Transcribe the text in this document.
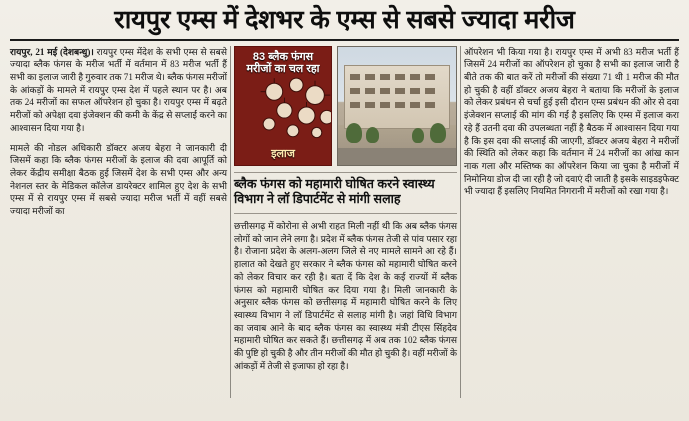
रायपुर एम्स में देशभर के एम्स से सबसे ज्यादा मरीज
रायपुर, 21 मई (देशबन्धु)। रायपुर एम्स मेंदेश के सभी एम्स से सबसे ज्यादा ब्लैक फंगस के मरीज भर्ती में वर्तमान में 83 मरीज भर्ती हैं सभी का इलाज जारी है गुरुवार तक 71 मरीज थे। ब्लैक फंगस मरीजों के आंकड़ों के मामले में रायपुर एम्स देश में पहले स्थान पर है। अब तक 24 मरीजों का सफल ऑपरेशन हो चुका है। रायपुर एम्स में बढ़ते मरीजों को अपेक्षा दवा इंजेक्शन की कमी के केंद्र से सप्लाई करने का आश्वासन दिया गया है।
मामले की नोडल अधिकारी डॉक्टर अजय बेहरा ने जानकारी दी जिसमें कहा कि ब्लैक फंगस मरीजों के इलाज की दवा आपूर्ति को लेकर केंद्रीय समीक्षा बैठक हुई जिसमें देश के सभी एम्स और अन्य नेशनल स्तर के मेडिकल कॉलेज डायरेक्टर शामिल हुए देश के सभी एम्स में से रायपुर एम्स में सबसे ज्यादा मरीज भर्ती में वहीं सबसे ज्यादा मरीजों का
83 ब्लैक फंगस मरीजों का चल रहा
इलाज
ब्लैक फंगस को महामारी घोषित करने स्वास्थ्य विभाग ने लॉ डिपार्टमेंट से मांगी सलाह
छत्तीसगढ़ में कोरोना से अभी राहत मिली नहीं थी कि अब ब्लैक फंगस लोगों को जान लेने लगा है। प्रदेश में ब्लैक फंगस तेजी से पांव पसार रहा है। रोजाना प्रदेश के अलग-अलग जिले से नए मामले सामने आ रहे हैं। हालात को देखते हुए सरकार ने ब्लैक फंगस को महामारी घोषित करने को लेकर विचार कर रही है। बता दें कि देश के कई राज्यों में ब्लैक फंगस को महामारी घोषित कर दिया गया है। मिली जानकारी के अनुसार ब्लैक फंगस को छत्तीसगढ़ में महामारी घोषित करने के लिए स्वास्थ्य विभाग ने लॉ डिपार्टमेंट से सलाह मांगी है। जहां विधि विभाग का जवाब आने के बाद ब्लैक फंगस का स्वास्थ्य मंत्री टीएस सिंहदेव महामारी घोषित कर सकते हैं। छत्तीसगढ़ में अब तक 102 ब्लैक फंगस की पुष्टि हो चुकी है और तीन मरीजों की मौत हो चुकी है। वहीं मरीजों के आंकड़ों में तेजी से इजाफा हो रहा है।
ऑपरेशन भी किया गया है। रायपुर एम्स में अभी 83 मरीज भर्ती हैं जिसमें 24 मरीजों का ऑपरेशन हो चुका है सभी का इलाज जारी है बीते तक की बात करें तो मरीजों की संख्या 71 थी 1 मरीज की मौत हो चुकी है वहीं डॉक्टर अजय बेहरा ने बताया कि मरीजों के इलाज को लेकर प्रबंधन से चर्चा हुई इसी दौरान एम्स प्रबंधन की ओर से दवा इंजेक्शन सप्लाई की मांग की गई है इसलिए कि एम्स में इलाज करा रहे हैं उतनी दवा की उपलब्धता नहीं है बैठक में आश्वासन दिया गया है कि इस दवा की सप्लाई की जाएगी, डॉक्टर अजय बेहरा ने मरीजों की स्थिति को लेकर कहा कि वर्तमान में 24 मरीजों का आंख कान नाक गला और मस्तिष्क का ऑपरेशन किया जा चुका है मरीजों में निमोनिया डोज दी जा रही है जो दवाएं दी जाती है इसके साइडइफेक्ट भी ज्यादा हैं इसलिए नियमित निगरानी में मरीजों को रखा गया है।
